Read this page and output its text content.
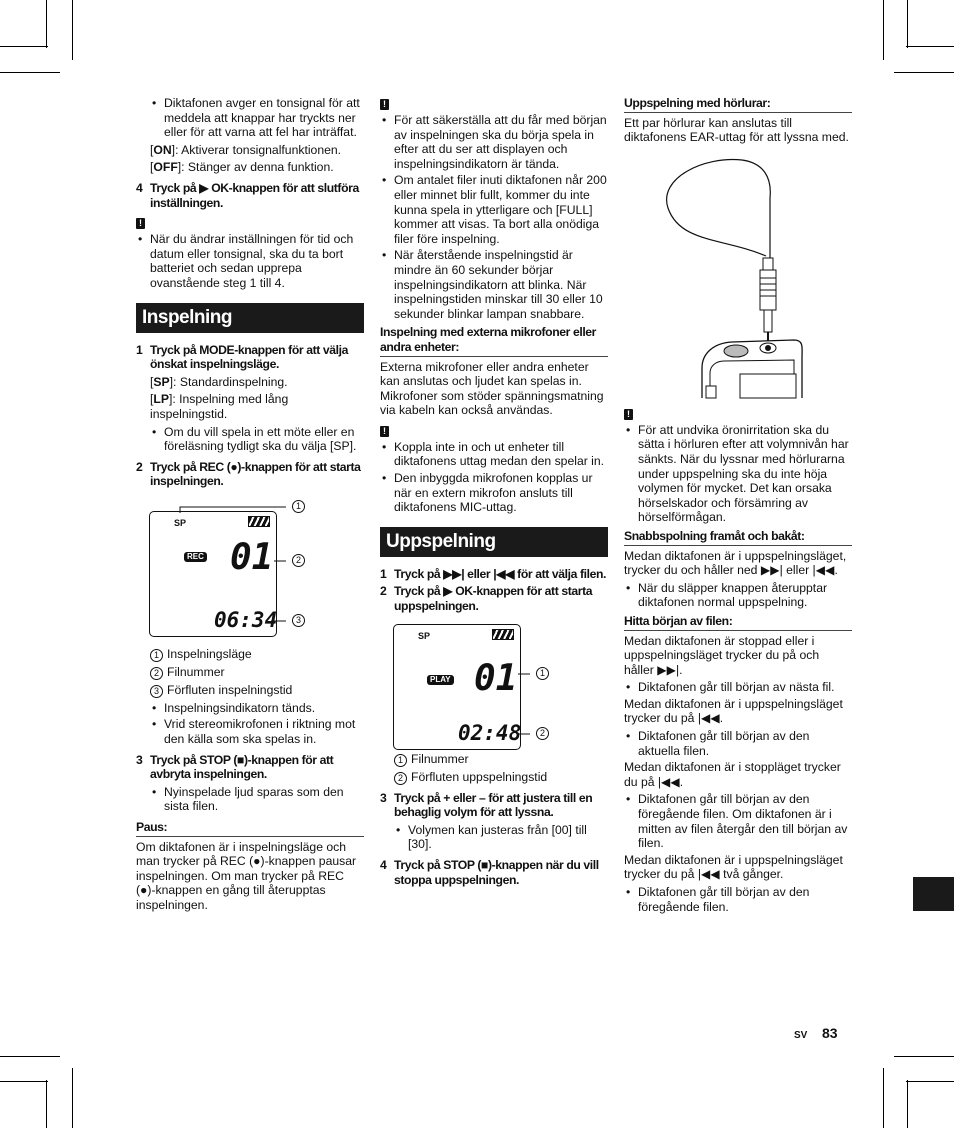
• Diktafonen avger en tonsignal för att meddela att knappar har tryckts ner eller för att varna att fel har inträffat.
[ON]: Aktiverar tonsignalfunktionen.
[OFF]: Stänger av denna funktion.
4 Tryck på ▶ OK-knappen för att slutföra inställningen.
!
• När du ändrar inställningen för tid och datum eller tonsignal, ska du ta bort batteriet och sedan upprepa ovanstående steg 1 till 4.
Inspelning
1 Tryck på MODE-knappen för att välja önskat inspelningsläge.
[SP]: Standardinspelning.
[LP]: Inspelning med lång inspelningstid.
• Om du vill spela in ett möte eller en föreläsning tydligt ska du välja [SP].
2 Tryck på REC (●)-knappen för att starta inspelningen.
SP
REC 01
06:34
1
2
3
1 Inspelningsläge
2 Filnummer
3 Förfluten inspelningstid
• Inspelningsindikatorn tänds.
• Vrid stereomikrofonen i riktning mot den källa som ska spelas in.
3 Tryck på STOP (■)-knappen för att avbryta inspelningen.
• Nyinspelade ljud sparas som den sista filen.
Paus:
Om diktafonen är i inspelningsläge och man trycker på REC (●)-knappen pausar inspelningen. Om man trycker på REC (●)-knappen en gång till återupptas inspelningen.
!
• För att säkerställa att du får med början av inspelningen ska du börja spela in efter att du ser att displayen och inspelningsindikatorn är tända.
• Om antalet filer inuti diktafonen når 200 eller minnet blir fullt, kommer du inte kunna spela in ytterligare och [FULL] kommer att visas. Ta bort alla onödiga filer före inspelning.
• När återstående inspelningstid är mindre än 60 sekunder börjar inspelningsindikatorn att blinka. När inspelningstiden minskar till 30 eller 10 sekunder blinkar lampan snabbare.
Inspelning med externa mikrofoner eller andra enheter:
Externa mikrofoner eller andra enheter kan anslutas och ljudet kan spelas in. Mikrofoner som stöder spänningsmatning via kabeln kan också användas.
!
• Koppla inte in och ut enheter till diktafonens uttag medan den spelar in.
• Den inbyggda mikrofonen kopplas ur när en extern mikrofon ansluts till diktafonens MIC-uttag.
Uppspelning
1 Tryck på ▶▶| eller |◀◀ för att välja filen.
2 Tryck på ▶ OK-knappen för att starta uppspelningen.
SP
PLAY 01
02:48
1
2
1 Filnummer
2 Förfluten uppspelningstid
3 Tryck på + eller – för att justera till en behaglig volym för att lyssna.
• Volymen kan justeras från [00] till [30].
4 Tryck på STOP (■)-knappen när du vill stoppa uppspelningen.
Uppspelning med hörlurar:
Ett par hörlurar kan anslutas till diktafonens EAR-uttag för att lyssna med.
!
• För att undvika öronirritation ska du sätta i hörluren efter att volymnivån har sänkts. När du lyssnar med hörlurarna under uppspelning ska du inte höja volymen för mycket. Det kan orsaka hörselskador och försämring av hörselförmågan.
Snabbspolning framåt och bakåt:
Medan diktafonen är i uppspelningsläget, trycker du och håller ned ▶▶| eller |◀◀.
• När du släpper knappen återupptar diktafonen normal uppspelning.
Hitta början av filen:
Medan diktafonen är stoppad eller i uppspelningsläget trycker du på och håller ▶▶|.
• Diktafonen går till början av nästa fil.
Medan diktafonen är i uppspelningsläget trycker du på |◀◀.
• Diktafonen går till början av den aktuella filen.
Medan diktafonen är i stoppläget trycker du på |◀◀.
• Diktafonen går till början av den föregående filen. Om diktafonen är i mitten av filen återgår den till början av filen.
Medan diktafonen är i uppspelningsläget trycker du på |◀◀ två gånger.
• Diktafonen går till början av den föregående filen.
SV 83
